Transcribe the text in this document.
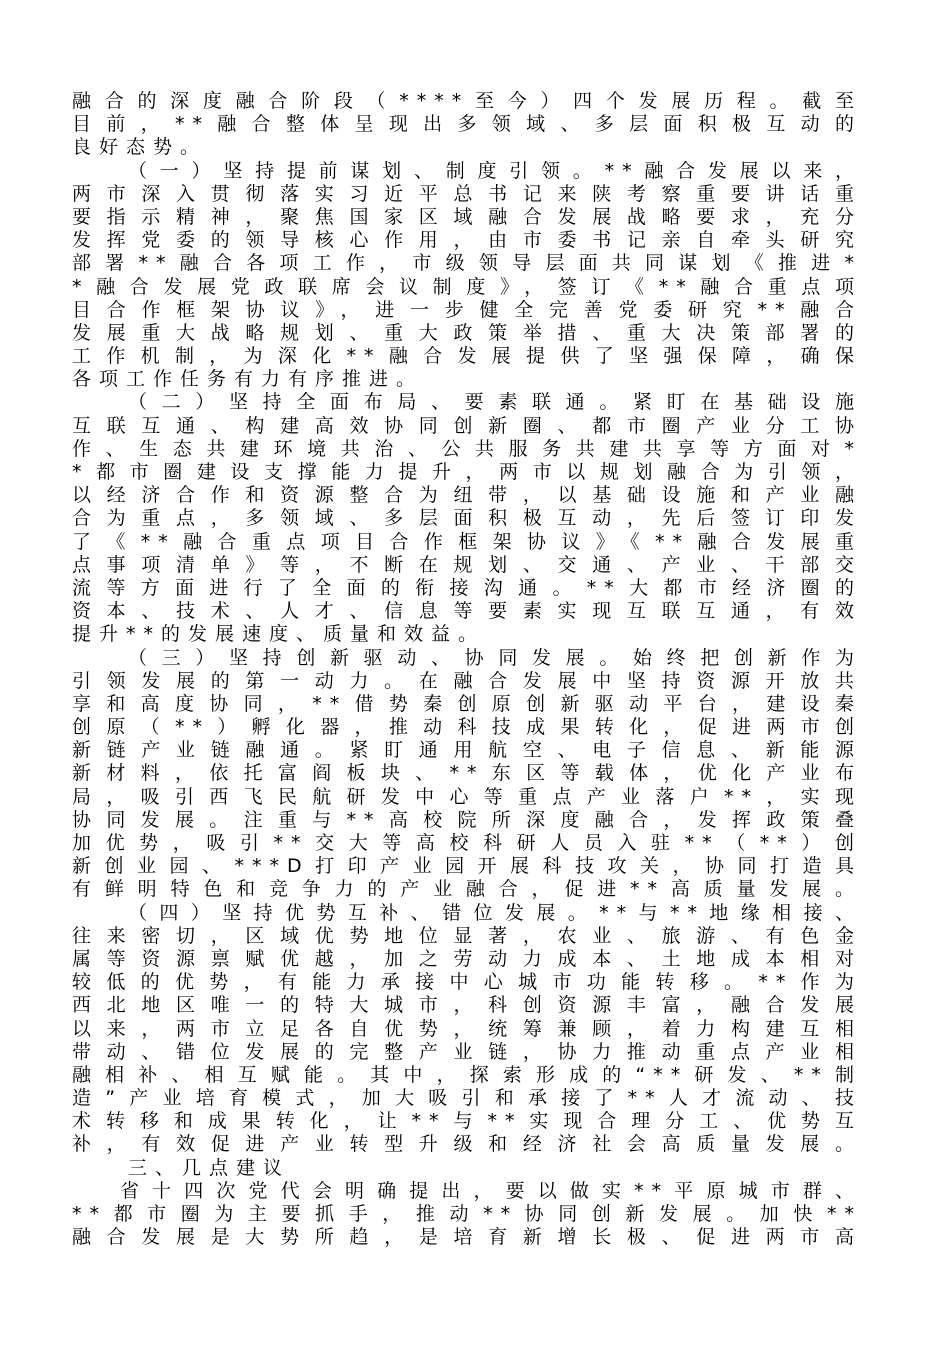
融合的深度融合阶段（****至今）四个发展历程。截至
目前，**融合整体呈现出多领域、多层面积极互动的
良好态势。
（一）坚持提前谋划、制度引领。**融合发展以来，
两市深入贯彻落实习近平总书记来陕考察重要讲话重
要指示精神，聚焦国家区域融合发展战略要求，充分
发挥党委的领导核心作用，由市委书记亲自牵头研究
部署**融合各项工作，市级领导层面共同谋划《推进*
*融合发展党政联席会议制度》，签订《**融合重点项
目合作框架协议》，进一步健全完善党委研究**融合
发展重大战略规划、重大政策举措、重大决策部署的
工作机制，为深化**融合发展提供了坚强保障，确保
各项工作任务有力有序推进。
（二）坚持全面布局、要素联通。紧盯在基础设施
互联互通、构建高效协同创新圈、都市圈产业分工协
作、生态共建环境共治、公共服务共建共享等方面对*
*都市圈建设支撑能力提升，两市以规划融合为引领，
以经济合作和资源整合为纽带，以基础设施和产业融
合为重点，多领域、多层面积极互动，先后签订印发
了《**融合重点项目合作框架协议》《**融合发展重
点事项清单》等，不断在规划、交通、产业、干部交
流等方面进行了全面的衔接沟通。**大都市经济圈的
资本、技术、人才、信息等要素实现互联互通，有效
提升**的发展速度、质量和效益。
（三）坚持创新驱动、协同发展。始终把创新作为
引领发展的第一动力。在融合发展中坚持资源开放共
享和高度协同，**借势秦创原创新驱动平台，建设秦
创原（**）孵化器，推动科技成果转化，促进两市创
新链产业链融通。紧盯通用航空、电子信息、新能源
新材料，依托富阎板块、**东区等载体，优化产业布
局，吸引西飞民航研发中心等重点产业落户**，实现
协同发展。注重与**高校院所深度融合，发挥政策叠
加优势，吸引**交大等高校科研人员入驻**（**）创
新创业园、***D打印产业园开展科技攻关，协同打造具
有鲜明特色和竞争力的产业融合，促进**高质量发展。
（四）坚持优势互补、错位发展。**与**地缘相接、
往来密切，区域优势地位显著，农业、旅游、有色金
属等资源禀赋优越，加之劳动力成本、土地成本相对
较低的优势，有能力承接中心城市功能转移。**作为
西北地区唯一的特大城市，科创资源丰富，融合发展
以来，两市立足各自优势，统筹兼顾，着力构建互相
带动、错位发展的完整产业链，协力推动重点产业相
融相补、相互赋能。其中，探索形成的“**研发、**制
造”产业培育模式，加大吸引和承接了**人才流动、技
术转移和成果转化，让**与**实现合理分工、优势互
补，有效促进产业转型升级和经济社会高质量发展。
三、几点建议
省十四次党代会明确提出，要以做实**平原城市群、
**都市圈为主要抓手，推动**协同创新发展。加快**
融合发展是大势所趋，是培育新增长极、促进两市高
